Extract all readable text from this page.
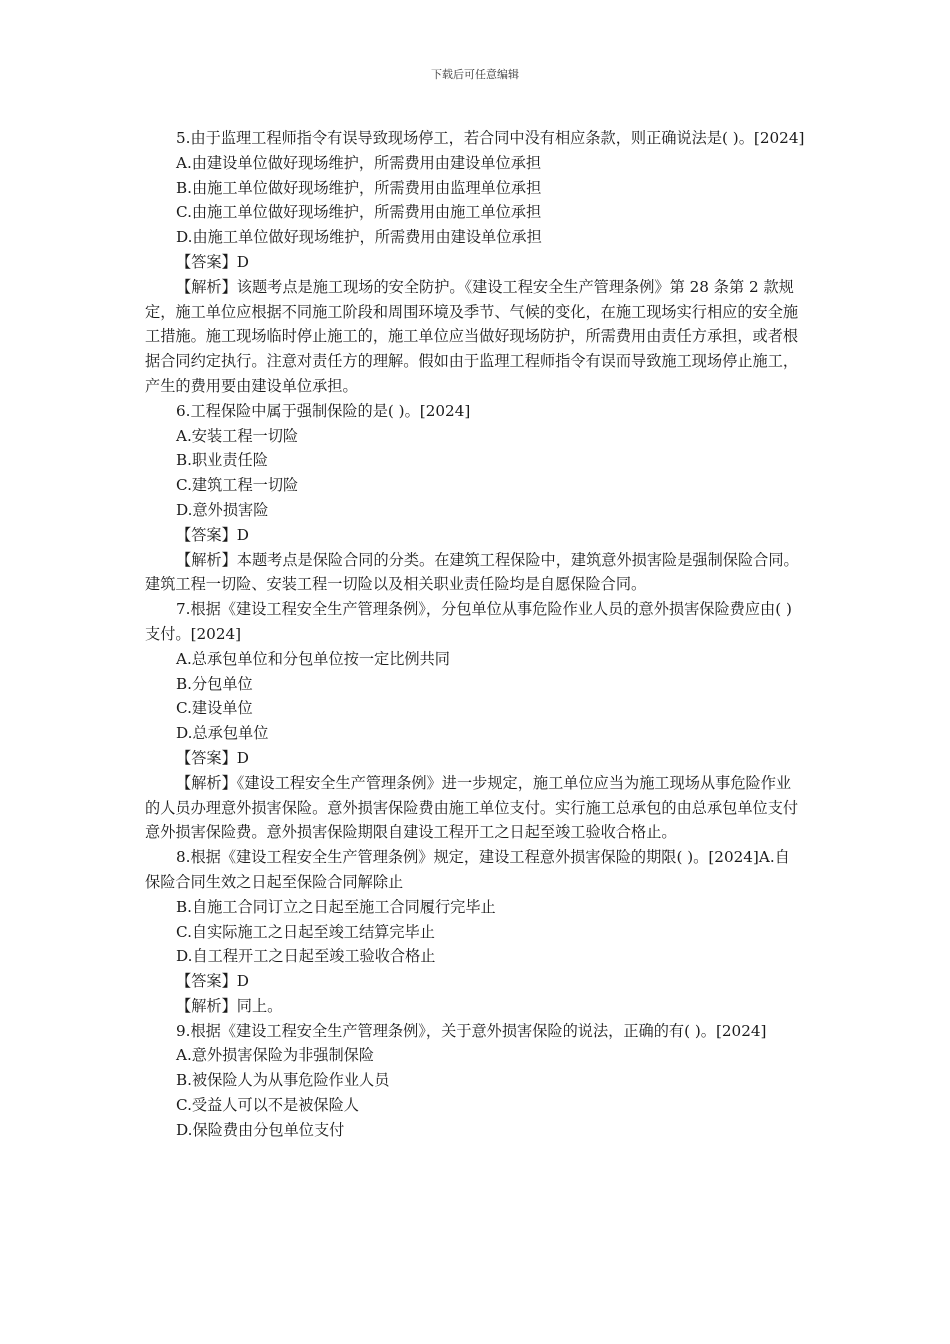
下载后可任意编辑

5.由于监理工程师指令有误导致现场停工，若合同中没有相应条款，则正确说法是( )。[2024]

A.由建设单位做好现场维护，所需费用由建设单位承担

B.由施工单位做好现场维护，所需费用由监理单位承担

C.由施工单位做好现场维护，所需费用由施工单位承担

D.由施工单位做好现场维护，所需费用由建设单位承担

【答案】D

【解析】该题考点是施工现场的安全防护。《建设工程安全生产管理条例》第 28 条第 2 款规定，施工单位应根据不同施工阶段和周围环境及季节、气候的变化，在施工现场实行相应的安全施工措施。施工现场临时停止施工的，施工单位应当做好现场防护，所需费用由责任方承担，或者根据合同约定执行。注意对责任方的理解。假如由于监理工程师指令有误而导致施工现场停止施工，产生的费用要由建设单位承担。

6.工程保险中属于强制保险的是( )。[2024]

A.安装工程一切险

B.职业责任险

C.建筑工程一切险

D.意外损害险

【答案】D

【解析】本题考点是保险合同的分类。在建筑工程保险中，建筑意外损害险是强制保险合同。建筑工程一切险、安装工程一切险以及相关职业责任险均是自愿保险合同。

7.根据《建设工程安全生产管理条例》，分包单位从事危险作业人员的意外损害保险费应由( )支付。[2024]

A.总承包单位和分包单位按一定比例共同

B.分包单位

C.建设单位

D.总承包单位

【答案】D

【解析】《建设工程安全生产管理条例》进一步规定，施工单位应当为施工现场从事危险作业的人员办理意外损害保险。意外损害保险费由施工单位支付。实行施工总承包的由总承包单位支付意外损害保险费。意外损害保险期限自建设工程开工之日起至竣工验收合格止。

8.根据《建设工程安全生产管理条例》规定，建设工程意外损害保险的期限( )。[2024]A.自保险合同生效之日起至保险合同解除止

B.自施工合同订立之日起至施工合同履行完毕止

C.自实际施工之日起至竣工结算完毕止

D.自工程开工之日起至竣工验收合格止

【答案】D

【解析】同上。

9.根据《建设工程安全生产管理条例》，关于意外损害保险的说法，正确的有( )。[2024]

A.意外损害保险为非强制保险

B.被保险人为从事危险作业人员

C.受益人可以不是被保险人

D.保险费由分包单位支付
